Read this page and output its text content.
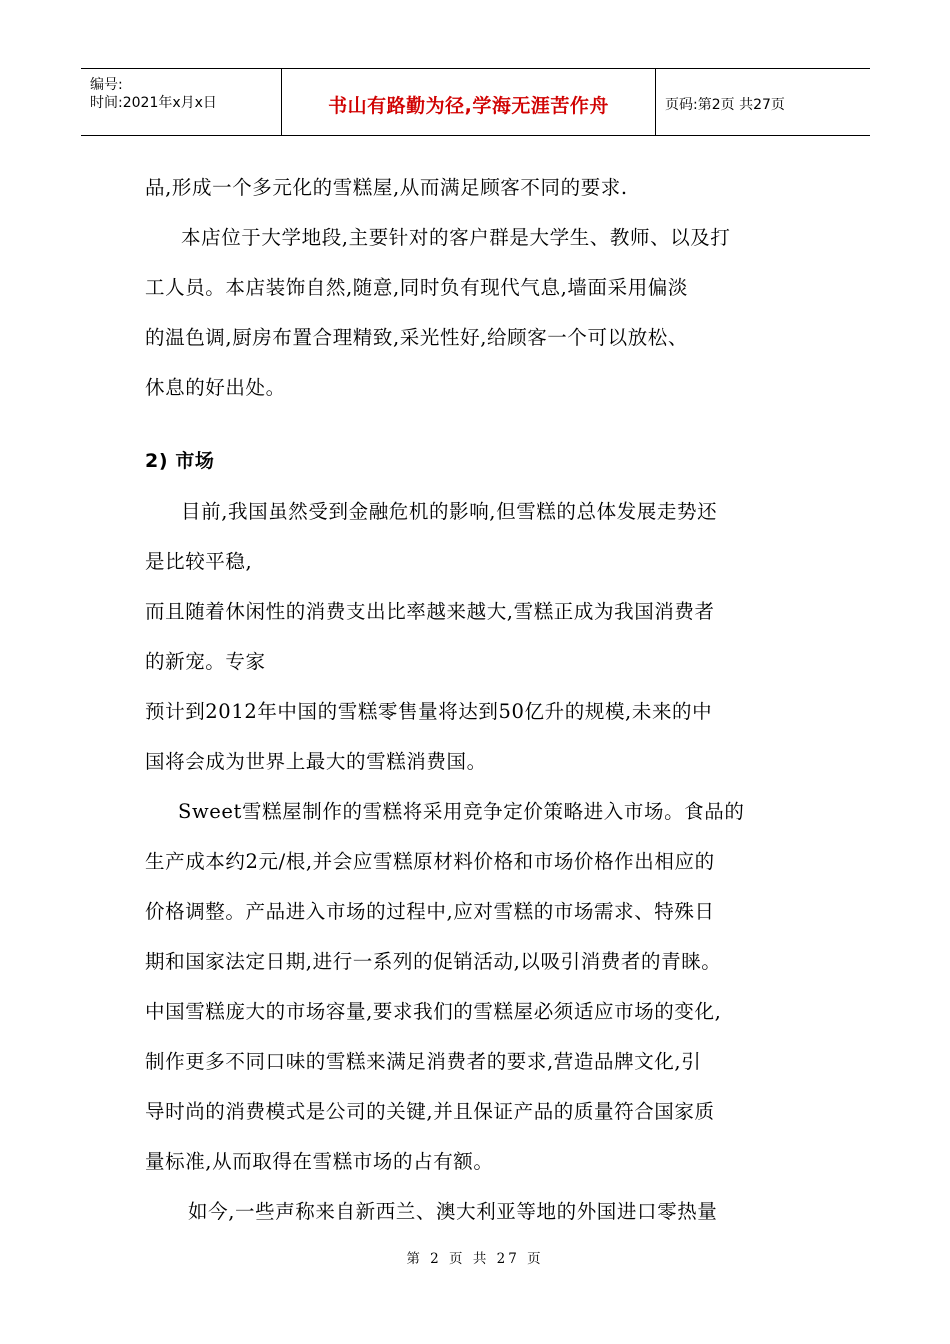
编号:
时间:2021年x月x日	书山有路勤为径,学海无涯苦作舟	页码:第2页 共27页
品,形成一个多元化的雪糕屋,从而满足顾客不同的要求.
本店位于大学地段,主要针对的客户群是大学生、教师、以及打
工人员。本店装饰自然,随意,同时负有现代气息,墙面采用偏淡
的温色调,厨房布置合理精致,采光性好,给顾客一个可以放松、
休息的好出处。
2) 市场
目前,我国虽然受到金融危机的影响,但雪糕的总体发展走势还
是比较平稳,
而且随着休闲性的消费支出比率越来越大,雪糕正成为我国消费者
的新宠。专家
预计到2012年中国的雪糕零售量将达到50亿升的规模,未来的中
国将会成为世界上最大的雪糕消费国。
Sweet雪糕屋制作的雪糕将采用竞争定价策略进入市场。食品的
生产成本约2元/根,并会应雪糕原材料价格和市场价格作出相应的
价格调整。产品进入市场的过程中,应对雪糕的市场需求、特殊日
期和国家法定日期,进行一系列的促销活动,以吸引消费者的青睐。
中国雪糕庞大的市场容量,要求我们的雪糕屋必须适应市场的变化,
制作更多不同口味的雪糕来满足消费者的要求,营造品牌文化,引
导时尚的消费模式是公司的关键,并且保证产品的质量符合国家质
量标准,从而取得在雪糕市场的占有额。
如今,一些声称来自新西兰、澳大利亚等地的外国进口零热量
第 2 页 共 27 页
